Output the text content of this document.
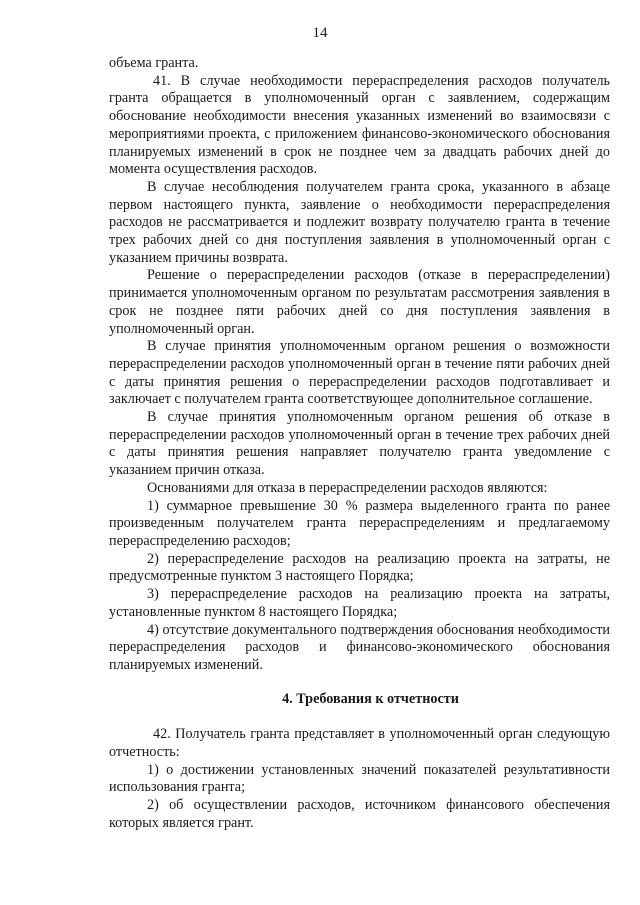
14

объема гранта.

41. В случае необходимости перераспределения расходов получатель гранта обращается в уполномоченный орган с заявлением, содержащим обоснование необходимости внесения указанных изменений во взаимосвязи с мероприятиями проекта, с приложением финансово-экономического обоснования планируемых изменений в срок не позднее чем за двадцать рабочих дней до момента осуществления расходов.

В случае несоблюдения получателем гранта срока, указанного в абзаце первом настоящего пункта, заявление о необходимости перераспределения расходов не рассматривается и подлежит возврату получателю гранта в течение трех рабочих дней со дня поступления заявления в уполномоченный орган с указанием причины возврата.

Решение о перераспределении расходов (отказе в перераспределении) принимается уполномоченным органом по результатам рассмотрения заявления в срок не позднее пяти рабочих дней со дня поступления заявления в уполномоченный орган.

В случае принятия уполномоченным органом решения о возможности перераспределении расходов уполномоченный орган в течение пяти рабочих дней с даты принятия решения о перераспределении расходов подготавливает и заключает с получателем гранта соответствующее дополнительное соглашение.

В случае принятия уполномоченным органом решения об отказе в перераспределении расходов уполномоченный орган в течение трех рабочих дней с даты принятия решения направляет получателю гранта уведомление с указанием причин отказа.

Основаниями для отказа в перераспределении расходов являются:

1) суммарное превышение 30 % размера выделенного гранта по ранее произведенным получателем гранта перераспределениям и предлагаемому перераспределению расходов;

2) перераспределение расходов на реализацию проекта на затраты, не предусмотренные пунктом 3 настоящего Порядка;

3) перераспределение расходов на реализацию проекта на затраты, установленные пунктом 8 настоящего Порядка;

4) отсутствие документального подтверждения обоснования необходимости перераспределения расходов и финансово-экономического обоснования планируемых изменений.

4. Требования к отчетности

42. Получатель гранта представляет в уполномоченный орган следующую отчетность:

1) о достижении установленных значений показателей результативности использования гранта;

2) об осуществлении расходов, источником финансового обеспечения которых является грант.
